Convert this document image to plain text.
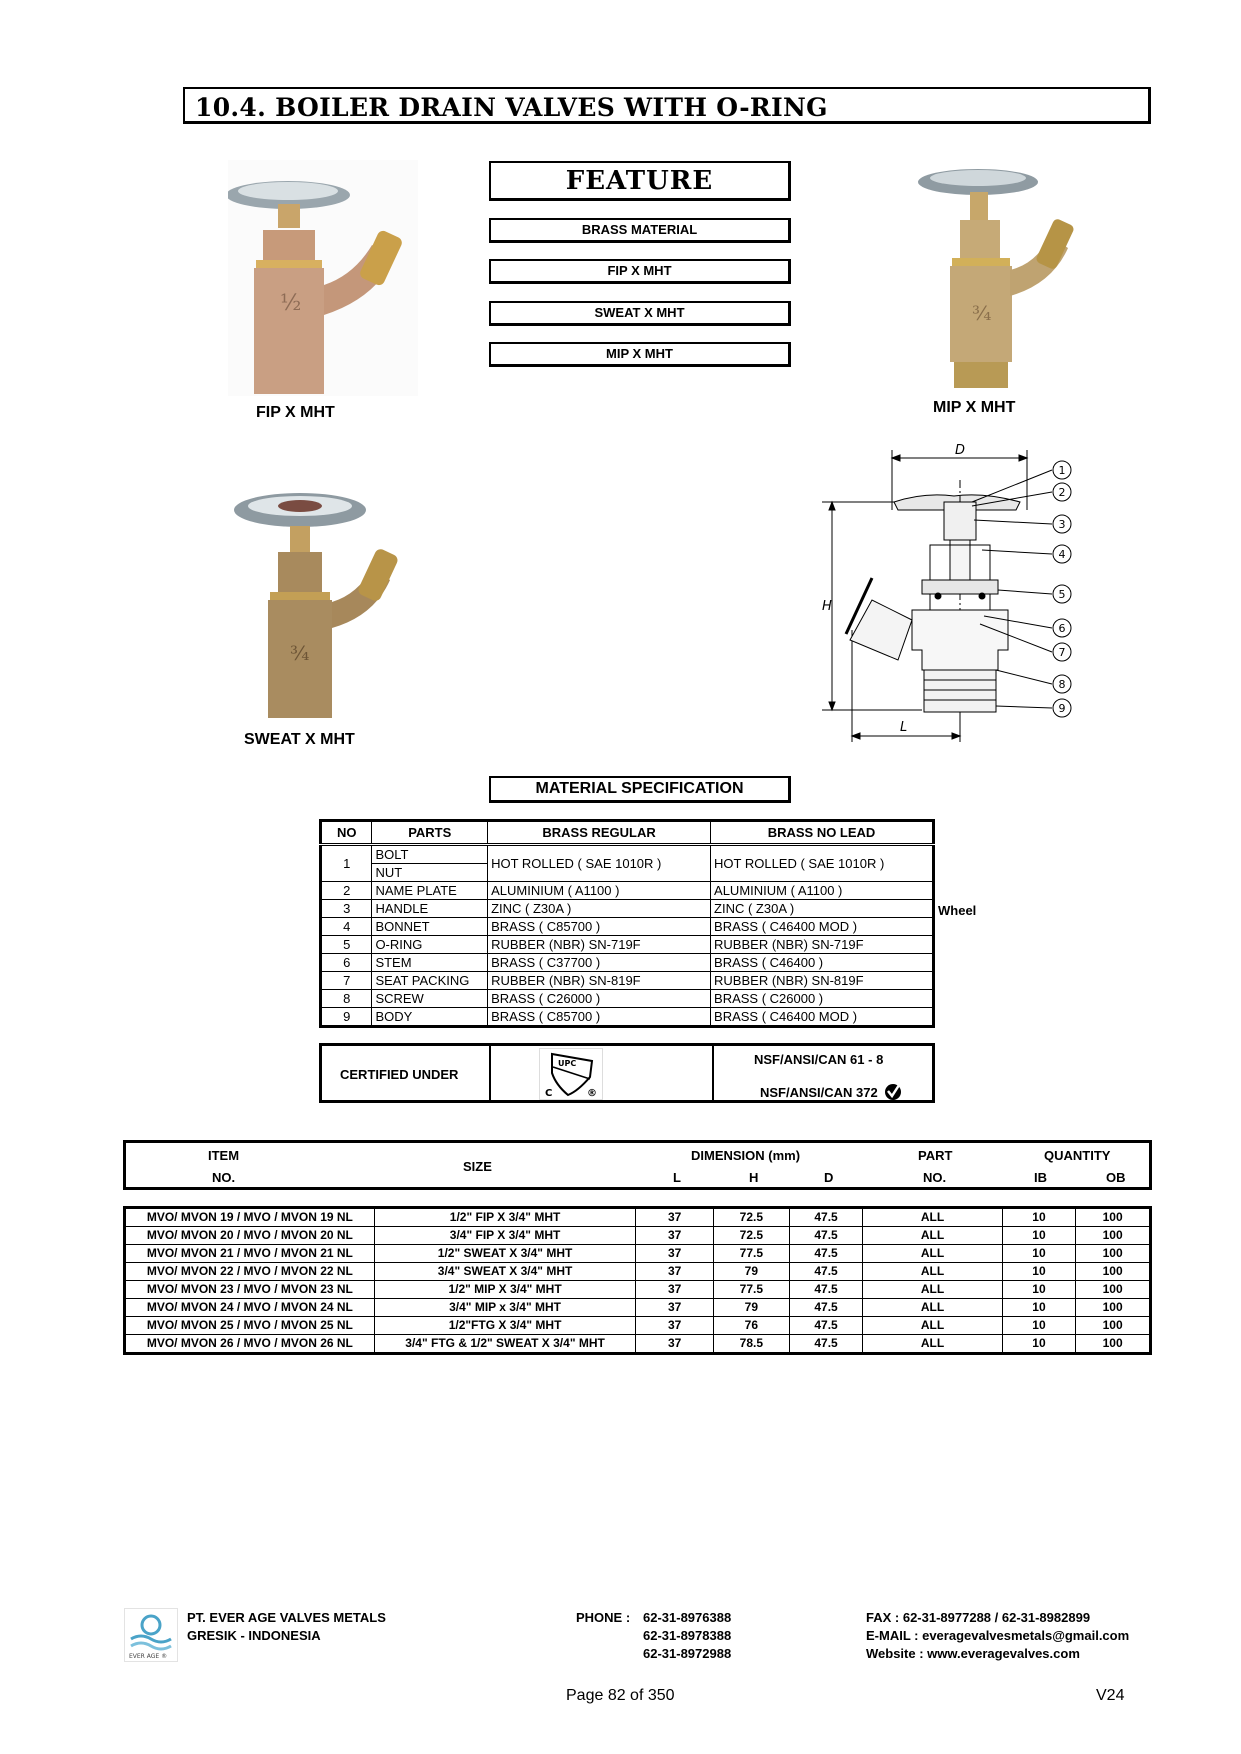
10.4. BOILER DRAIN VALVES WITH O-RING
½
FIP X MHT
FEATURE
BRASS MATERIAL
FIP X MHT
SWEAT X MHT
MIP X MHT
¾
MIP X MHT
¾
SWEAT X MHT
D
H
L
1
2
3
4
5
6
7
8
9
MATERIAL SPECIFICATION
NO	PARTS	BRASS REGULAR	BRASS NO LEAD
1	BOLT	HOT ROLLED ( SAE 1010R )	HOT ROLLED ( SAE 1010R )
	NUT		
2	NAME PLATE	ALUMINIUM ( A1100 )	ALUMINIUM ( A1100 )
3	HANDLE	ZINC ( Z30A )	ZINC ( Z30A )
4	BONNET	BRASS ( C85700 )	BRASS ( C46400 MOD )
5	O-RING	RUBBER (NBR) SN-719F	RUBBER (NBR) SN-719F
6	STEM	BRASS ( C37700 )	BRASS ( C46400 )
7	SEAT PACKING	RUBBER (NBR) SN-819F	RUBBER (NBR) SN-819F
8	SCREW	BRASS ( C26000 )	BRASS ( C26000 )
9	BODY	BRASS ( C85700 )	BRASS ( C46400 MOD )
Wheel
CERTIFIED UNDER
UPC
C	®
NSF/ANSI/CAN 61 - 8
NSF/ANSI/CAN 372
ITEM
NO.
SIZE
DIMENSION (mm)
L	H	D
PART
NO.
QUANTITY
IB	OB
MVO/ MVON 19 / MVO / MVON 19 NL	1/2" FIP X 3/4" MHT	37	72.5	47.5	ALL	10	100
MVO/ MVON 20 / MVO / MVON 20 NL	3/4" FIP X 3/4" MHT	37	72.5	47.5	ALL	10	100
MVO/ MVON 21 / MVO / MVON 21 NL	1/2" SWEAT X 3/4" MHT	37	77.5	47.5	ALL	10	100
MVO/ MVON 22 / MVO / MVON 22 NL	3/4" SWEAT X 3/4" MHT	37	79	47.5	ALL	10	100
MVO/ MVON 23 / MVO / MVON 23 NL	1/2" MIP X 3/4" MHT	37	77.5	47.5	ALL	10	100
MVO/ MVON 24 / MVO / MVON 24 NL	3/4" MIP x 3/4" MHT	37	79	47.5	ALL	10	100
MVO/ MVON 25 / MVO / MVON 25 NL	1/2"FTG X 3/4" MHT	37	76	47.5	ALL	10	100
MVO/ MVON 26 / MVO / MVON 26 NL	3/4" FTG & 1/2" SWEAT X 3/4" MHT	37	78.5	47.5	ALL	10	100
EVER AGE ®
PT. EVER AGE VALVES METALS
GRESIK - INDONESIA
PHONE : 62-31-8976388
62-31-8978388
62-31-8972988
FAX : 62-31-8977288 / 62-31-8982899
E-MAIL : everagevalvesmetals@gmail.com
Website : www.everagevalves.com
Page 82 of 350	V24
